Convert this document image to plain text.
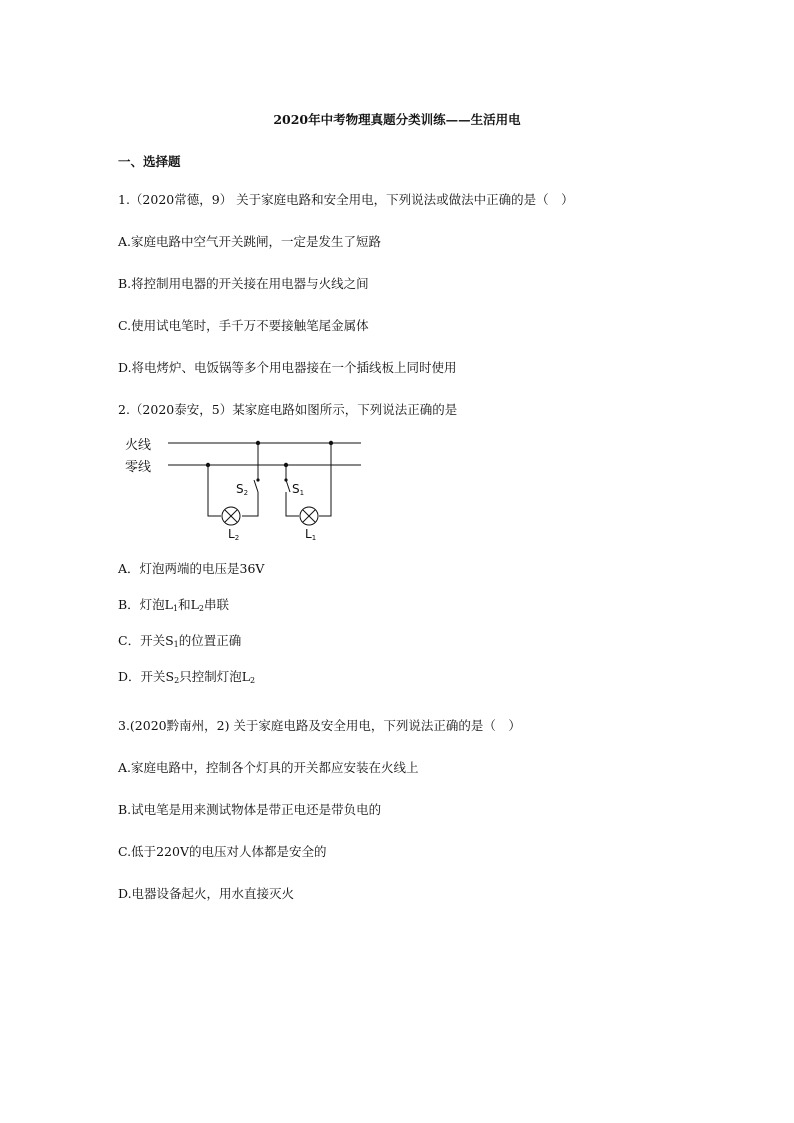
2020年中考物理真题分类训练——生活用电
一、选择题
1.（2020常德，9） 关于家庭电路和安全用电，下列说法或做法中正确的是（　）
A.家庭电路中空气开关跳闸，一定是发生了短路
B.将控制用电器的开关接在用电器与火线之间
C.使用试电笔时，手千万不要接触笔尾金属体
D.将电烤炉、电饭锅等多个用电器接在一个插线板上同时使用
2.（2020泰安，5）某家庭电路如图所示，下列说法正确的是
火线
零线
S2	S1
L2	L1
A．灯泡两端的电压是36V
B．灯泡$L_1$和$L_2$串联
C．开关$S_1$的位置正确
D．开关$S_2$只控制灯泡$L_2$
3.(2020黔南州，2) 关于家庭电路及安全用电，下列说法正确的是（　）
A.家庭电路中，控制各个灯具的开关都应安装在火线上
B.试电笔是用来测试物体是带正电还是带负电的
C.低于220V的电压对人体都是安全的
D.电器设备起火，用水直接灭火
